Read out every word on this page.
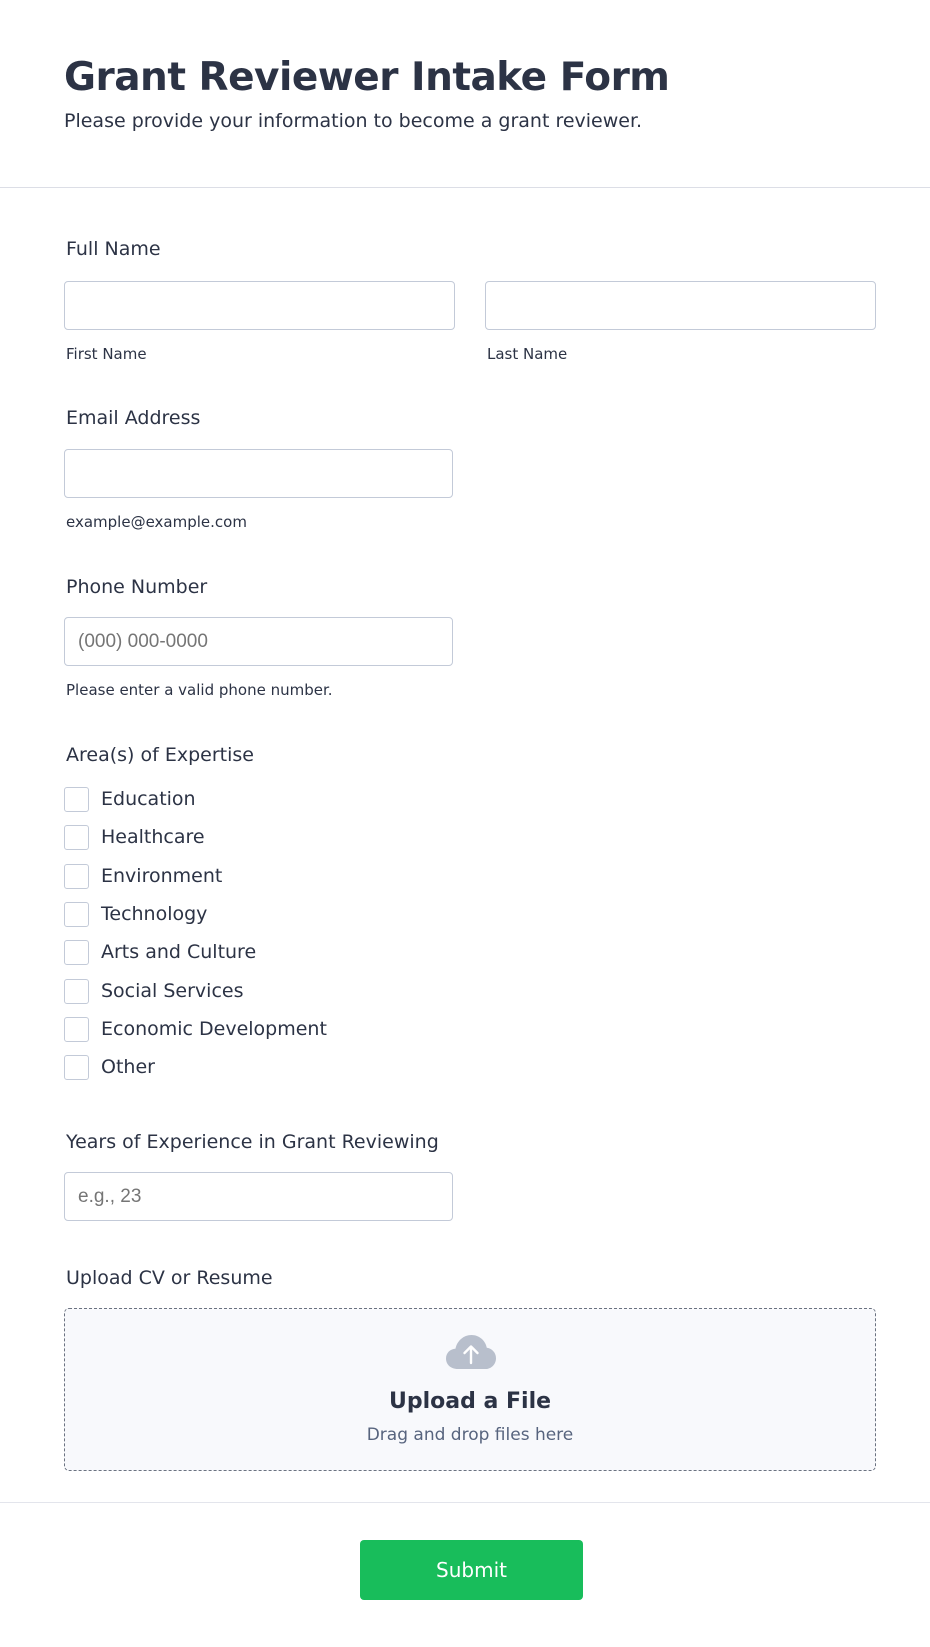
Grant Reviewer Intake Form
Please provide your information to become a grant reviewer.
Full Name
First Name	Last Name
Email Address
example@example.com
Phone Number
(000) 000-0000
Please enter a valid phone number.
Area(s) of Expertise
Education
Healthcare
Environment
Technology
Arts and Culture
Social Services
Economic Development
Other
Years of Experience in Grant Reviewing
e.g., 23
Upload CV or Resume
Upload a File
Drag and drop files here
Submit
